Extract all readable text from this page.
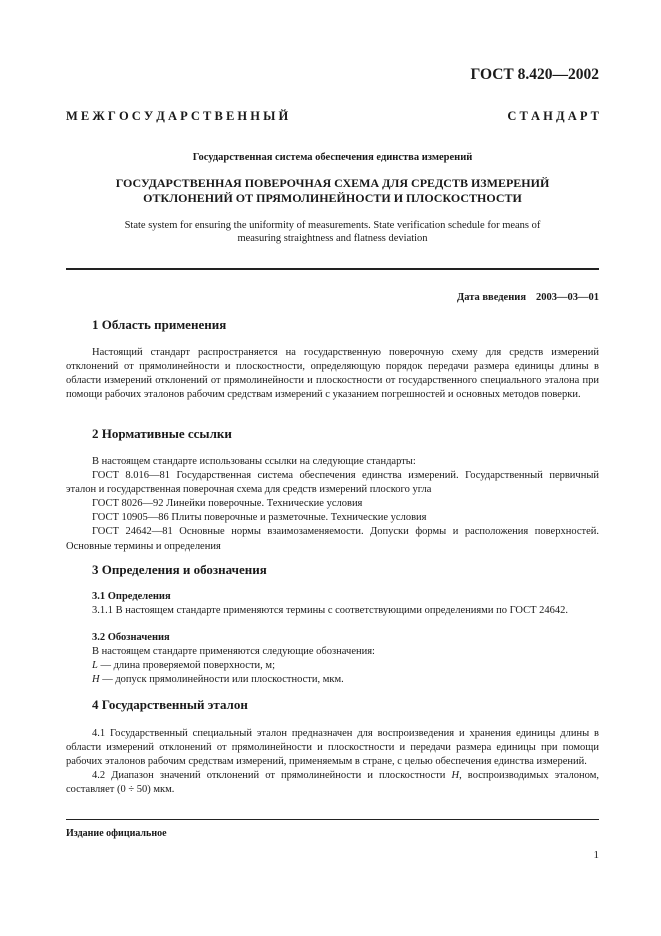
ГОСТ 8.420—2002
М Е Ж Г О С У Д А Р С Т В Е Н Н Ы Й	С Т А Н Д А Р Т
Государственная система обеспечения единства измерений
ГОСУДАРСТВЕННАЯ ПОВЕРОЧНАЯ СХЕМА ДЛЯ СРЕДСТВ ИЗМЕРЕНИЙ
ОТКЛОНЕНИЙ ОТ ПРЯМОЛИНЕЙНОСТИ И ПЛОСКОСТНОСТИ
State system for ensuring the uniformity of measurements. State verification schedule for means of measuring straightness and flatness deviation
Дата введения 2003—03—01
1 Область применения

Настоящий стандарт распространяется на государственную поверочную схему для средств измерений отклонений от прямолинейности и плоскостности, определяющую порядок передачи размера единицы длины в области измерений отклонений от прямолинейности и плоскостности от государственного специального эталона при помощи рабочих эталонов рабочим средствам измерений с указанием погрешностей и основных методов поверки.

2 Нормативные ссылки

В настоящем стандарте использованы ссылки на следующие стандарты:

ГОСТ 8.016—81 Государственная система обеспечения единства измерений. Государственный первичный эталон и государственная поверочная схема для средств измерений плоского угла

ГОСТ 8026—92 Линейки поверочные. Технические условия

ГОСТ 10905—86 Плиты поверочные и разметочные. Технические условия

ГОСТ 24642—81 Основные нормы взаимозаменяемости. Допуски формы и расположения поверхностей. Основные термины и определения

3 Определения и обозначения
3.1 Определения

3.1.1 В настоящем стандарте применяются термины с соответствующими определениями по ГОСТ 24642.

3.2 Обозначения

В настоящем стандарте применяются следующие обозначения:

L — длина проверяемой поверхности, м;

H — допуск прямолинейности или плоскостности, мкм.

4 Государственный эталон

4.1 Государственный специальный эталон предназначен для воспроизведения и хранения единицы длины в области измерений отклонений от прямолинейности и плоскостности и передачи размера единицы при помощи рабочих эталонов рабочим средствам измерений, применяемым в стране, с целью обеспечения единства измерений.

4.2 Диапазон значений отклонений от прямолинейности и плоскостности H, воспроизводимых эталоном, составляет (0 ÷ 50) мкм.

Издание официальное
1
